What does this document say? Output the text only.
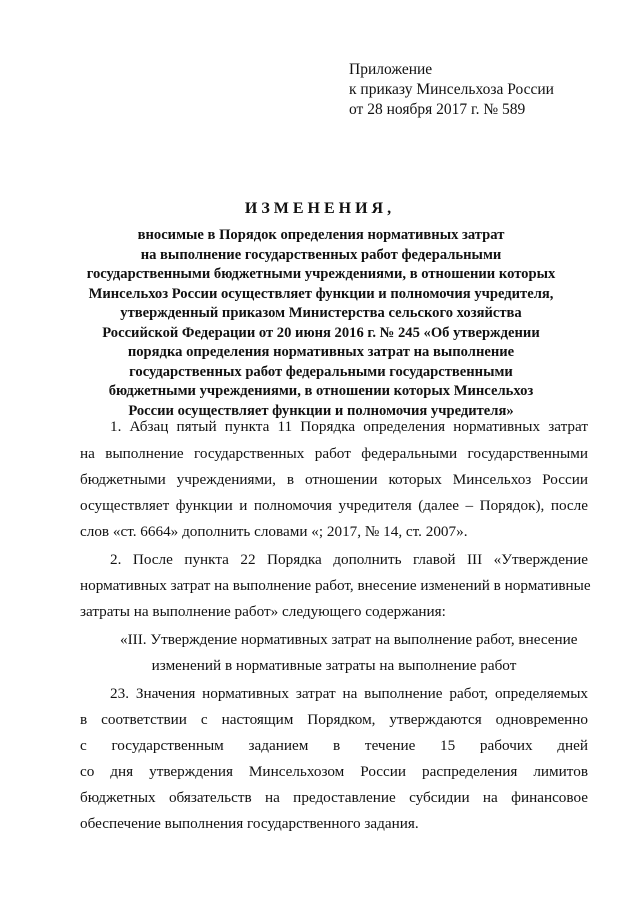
Приложение
к приказу Минсельхоза России
от 28 ноября 2017 г. № 589
ИЗМЕНЕНИЯ,
вносимые в Порядок определения нормативных затрат
на выполнение государственных работ федеральными
государственными бюджетными учреждениями, в отношении которых
Минсельхоз России осуществляет функции и полномочия учредителя,
утвержденный приказом Министерства сельского хозяйства
Российской Федерации от 20 июня 2016 г. № 245 «Об утверждении
порядка определения нормативных затрат на выполнение
государственных работ федеральными государственными
бюджетными учреждениями, в отношении которых Минсельхоз
России осуществляет функции и полномочия учредителя»
1. Абзац пятый пункта 11 Порядка определения нормативных затрат
на выполнение государственных работ федеральными государственными
бюджетными учреждениями, в отношении которых Минсельхоз России
осуществляет функции и полномочия учредителя (далее – Порядок), после
слов «ст. 6664» дополнить словами «; 2017, № 14, ст. 2007».
2. После пункта 22 Порядка дополнить главой III «Утверждение
нормативных затрат на выполнение работ, внесение изменений в нормативные
затраты на выполнение работ» следующего содержания:
«III. Утверждение нормативных затрат на выполнение работ, внесение
изменений в нормативные затраты на выполнение работ
23. Значения нормативных затрат на выполнение работ, определяемых
в соответствии с настоящим Порядком, утверждаются одновременно
с государственным заданием в течение 15 рабочих дней
со дня утверждения Минсельхозом России распределения лимитов
бюджетных обязательств на предоставление субсидии на финансовое
обеспечение выполнения государственного задания.
